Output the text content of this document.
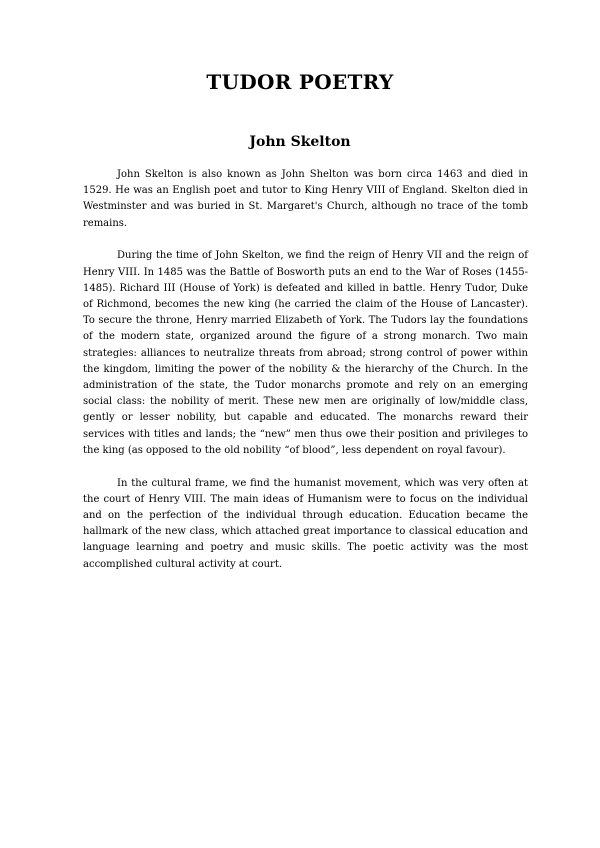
TUDOR POETRY
John Skelton

John Skelton is also known as John Shelton was born circa 1463 and died in 1529. He was an English poet and tutor to King Henry VIII of England. Skelton died in Westminster and was buried in St. Margaret's Church, although no trace of the tomb remains.

During the time of John Skelton, we find the reign of Henry VII and the reign of Henry VIII. In 1485 was the Battle of Bosworth puts an end to the War of Roses (1455-1485). Richard III (House of York) is defeated and killed in battle. Henry Tudor, Duke of Richmond, becomes the new king (he carried the claim of the House of Lancaster). To secure the throne, Henry married Elizabeth of York. The Tudors lay the foundations of the modern state, organized around the figure of a strong monarch. Two main strategies: alliances to neutralize threats from abroad; strong control of power within the kingdom, limiting the power of the nobility & the hierarchy of the Church. In the administration of the state, the Tudor monarchs promote and rely on an emerging social class: the nobility of merit. These new men are originally of low/middle class, gently or lesser nobility, but capable and educated. The monarchs reward their services with titles and lands; the “new” men thus owe their position and privileges to the king (as opposed to the old nobility “of blood”, less dependent on royal favour).

In the cultural frame, we find the humanist movement, which was very often at the court of Henry VIII. The main ideas of Humanism were to focus on the individual and on the perfection of the individual through education. Education became the hallmark of the new class, which attached great importance to classical education and language learning and poetry and music skills. The poetic activity was the most accomplished cultural activity at court.
